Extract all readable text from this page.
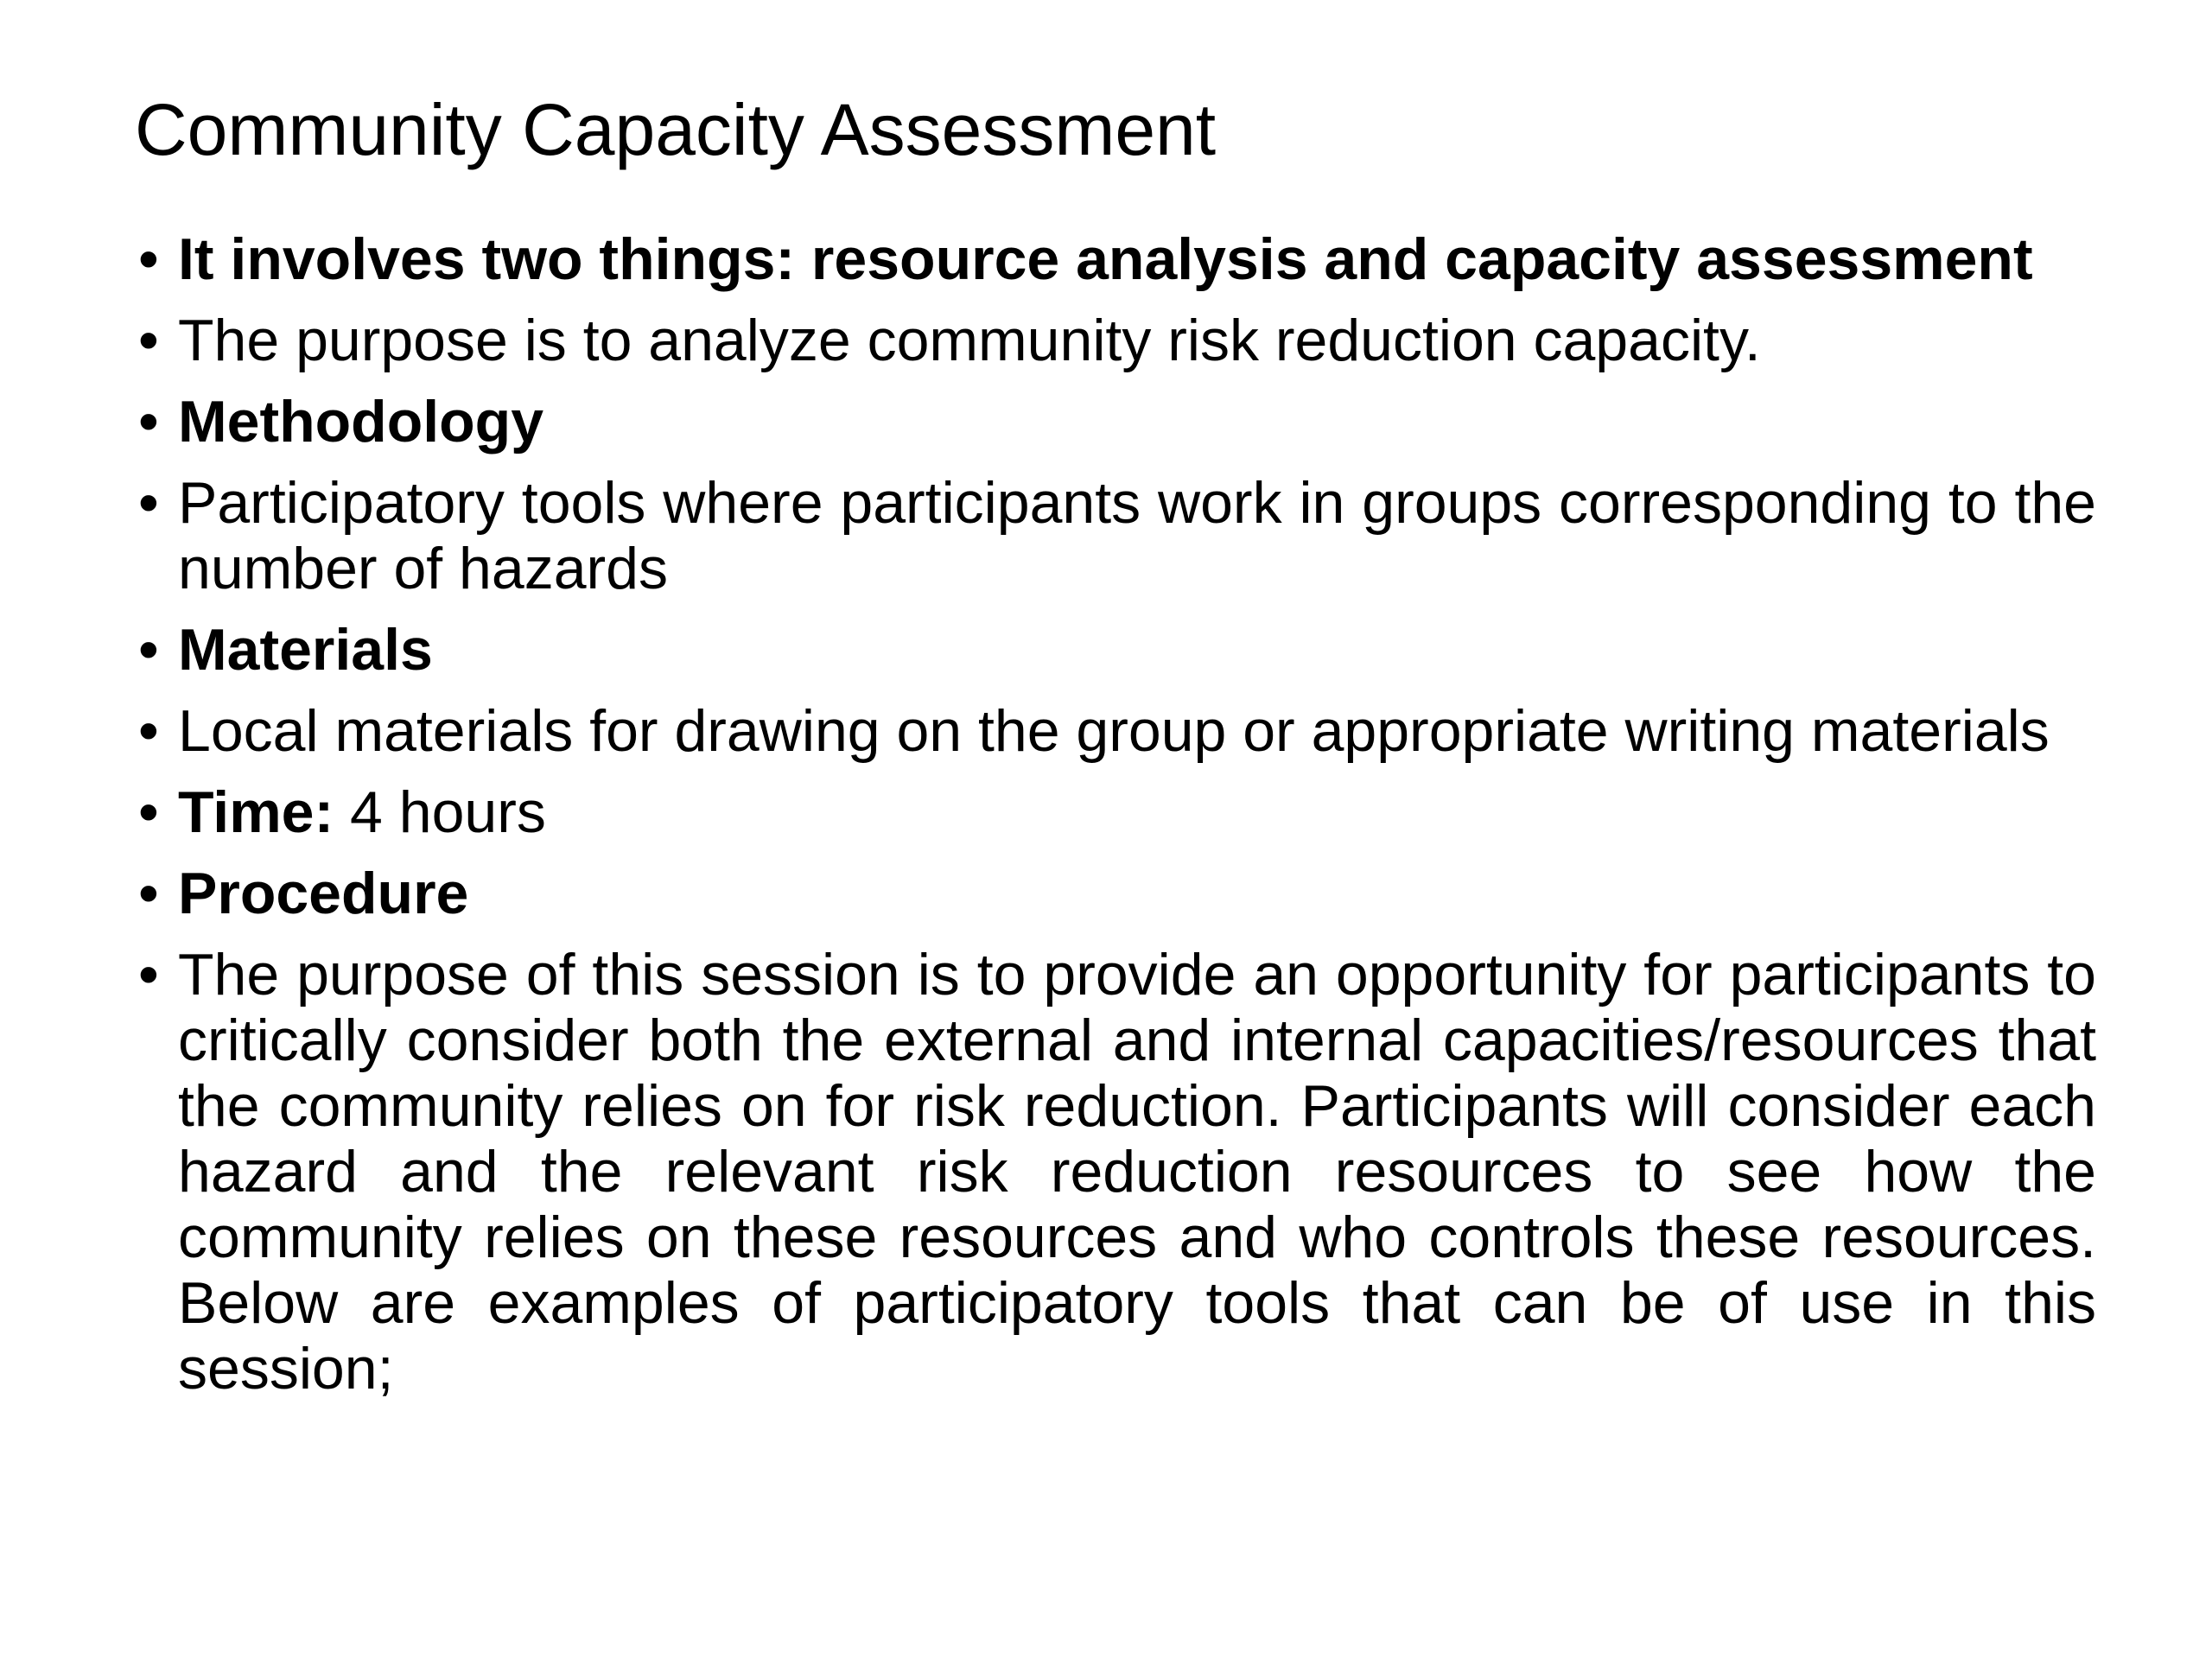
Community Capacity Assessment
• It involves two things: resource analysis and capacity assessment
• The purpose is to analyze community risk reduction capacity.
• Methodology
• Participatory tools where participants work in groups corresponding to the number of hazards
• Materials
• Local materials for drawing on the group or appropriate writing materials
• Time: 4 hours
• Procedure
• The purpose of this session is to provide an opportunity for participants to critically consider both the external and internal capacities/resources that the community relies on for risk reduction. Participants will consider each hazard and the relevant risk reduction resources to see how the community relies on these resources and who controls these resources. Below are examples of participatory tools that can be of use in this session;
